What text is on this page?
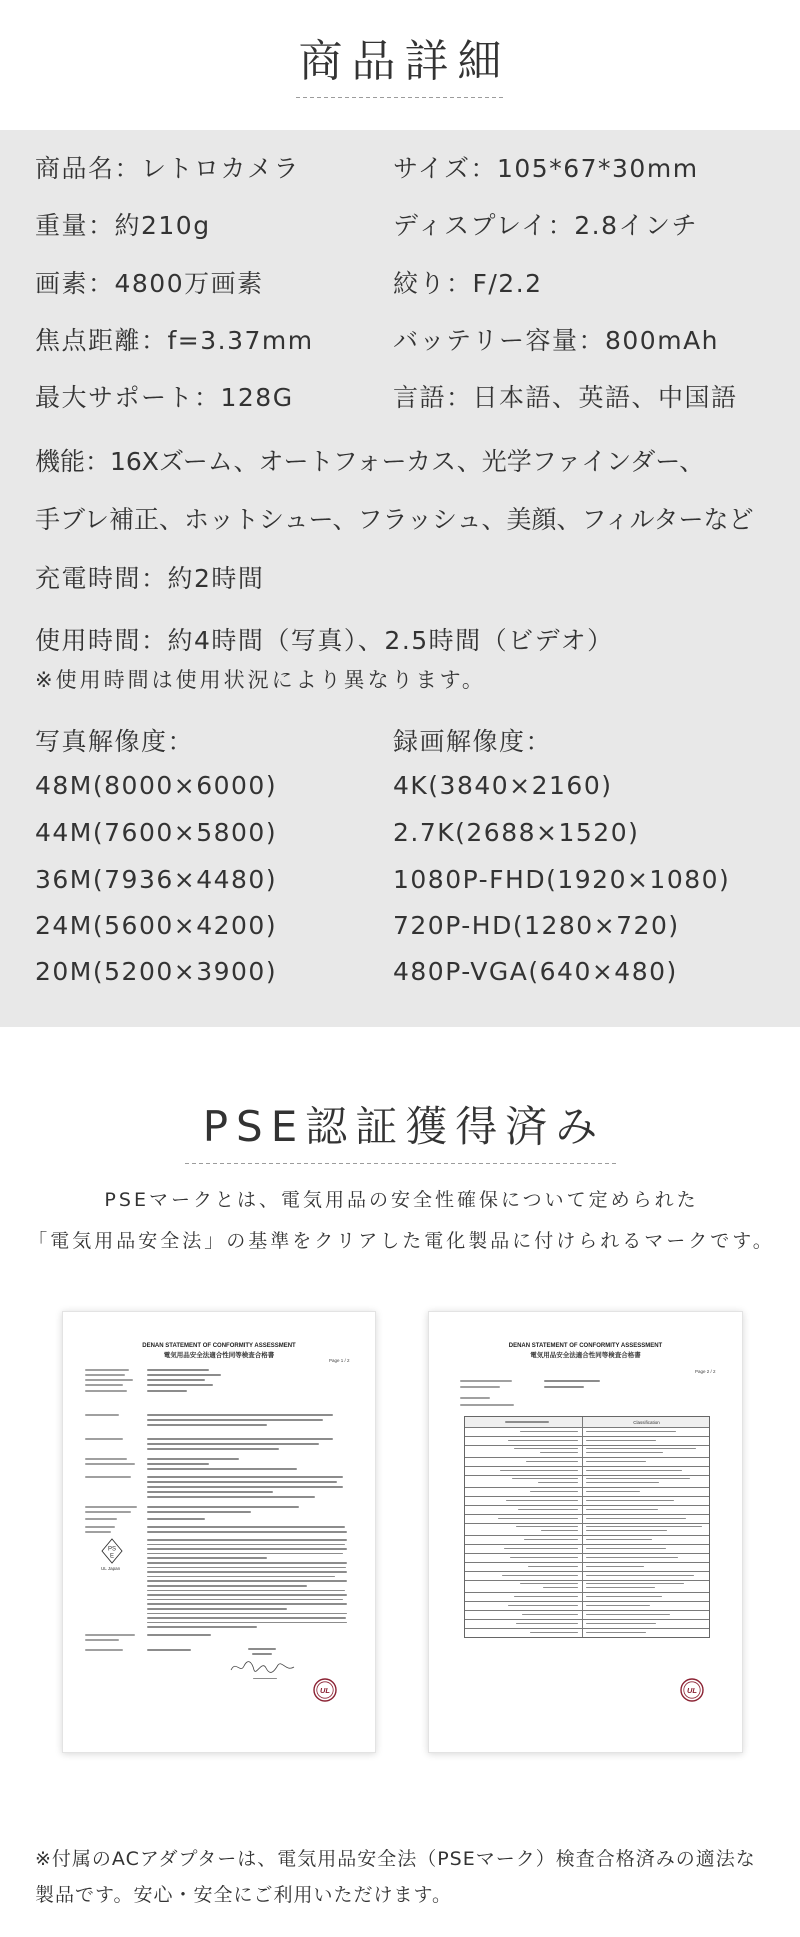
商品詳細
商品名：レトロカメラ	サイズ：105*67*30mm
重量：約210g	ディスプレイ：2.8インチ
画素：4800万画素	絞り：F/2.2
焦点距離：f=3.37mm	バッテリー容量：800mAh
最大サポート：128G	言語：日本語、英語、中国語
機能：16Xズーム、オートフォーカス、光学ファインダー、
手ブレ補正、ホットシュー、フラッシュ、美顔、フィルターなど
充電時間：約2時間
使用時間：約4時間（写真）、2.5時間（ビデオ）
※使用時間は使用状況により異なります。
写真解像度：	録画解像度：
48M(8000×6000)	4K(3840×2160)
44M(7600×5800)	2.7K(2688×1520)
36M(7936×4480)	1080P-FHD(1920×1080)
24M(5600×4200)	720P-HD(1280×720)
20M(5200×3900)	480P-VGA(640×480)
PSE認証獲得済み
PSEマークとは、電気用品の安全性確保について定められた
「電気用品安全法」の基準をクリアした電化製品に付けられるマークです。
DENAN STATEMENT OF CONFORMITY ASSESSMENT
電気用品安全法適合性同等検査合格書
Page 1 / 2
PS
E
UL Japan
UL
DENAN STATEMENT OF CONFORMITY ASSESSMENT
電気用品安全法適合性同等検査合格書
Page 2 / 2
Classification
UL
※付属のACアダプターは、電気用品安全法（PSEマーク）検査合格済みの適法な
製品です。安心・安全にご利用いただけます。
